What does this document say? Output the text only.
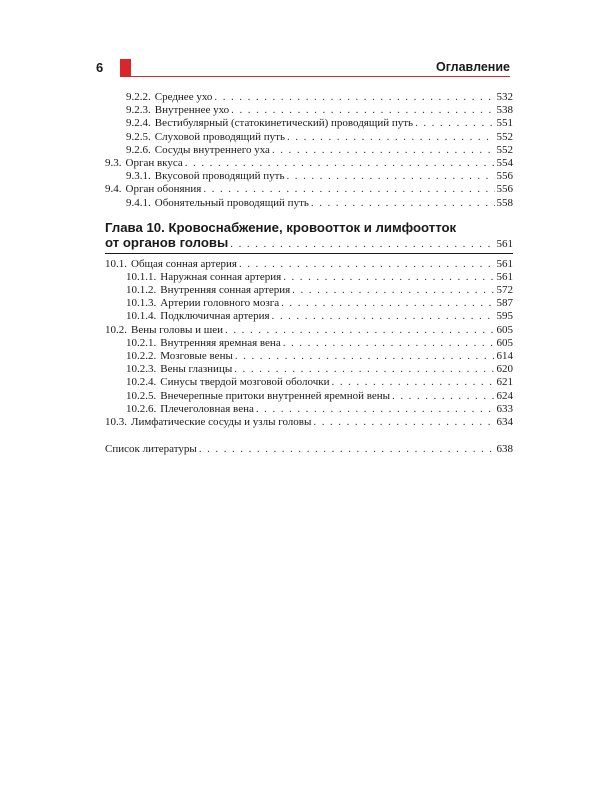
6	Оглавление
9.2.2. Среднее ухо . . .	532
9.2.3. Внутреннее ухо . . .	538
9.2.4. Вестибулярный (статокинетический) проводящий путь . . .	551
9.2.5. Слуховой проводящий путь . . .	552
9.2.6. Сосуды внутреннего уха . . .	552
9.3. Орган вкуса . . .	554
9.3.1. Вкусовой проводящий путь . . .	556
9.4. Орган обоняния . . .	556
9.4.1. Обонятельный проводящий путь . . .	558
Глава 10. Кровоснабжение, кровоотток и лимфоотток
от органов головы . . .	561
10.1. Общая сонная артерия . . .	561
10.1.1. Наружная сонная артерия . . .	561
10.1.2. Внутренняя сонная артерия . . .	572
10.1.3. Артерии головного мозга . . .	587
10.1.4. Подключичная артерия . . .	595
10.2. Вены головы и шеи . . .	605
10.2.1. Внутренняя яремная вена . . .	605
10.2.2. Мозговые вены . . .	614
10.2.3. Вены глазницы . . .	620
10.2.4. Синусы твердой мозговой оболочки . . .	621
10.2.5. Внечерепные притоки внутренней яремной вены . . .	624
10.2.6. Плечеголовная вена . . .	633
10.3. Лимфатические сосуды и узлы головы . . .	634
Список литературы . . .	638
